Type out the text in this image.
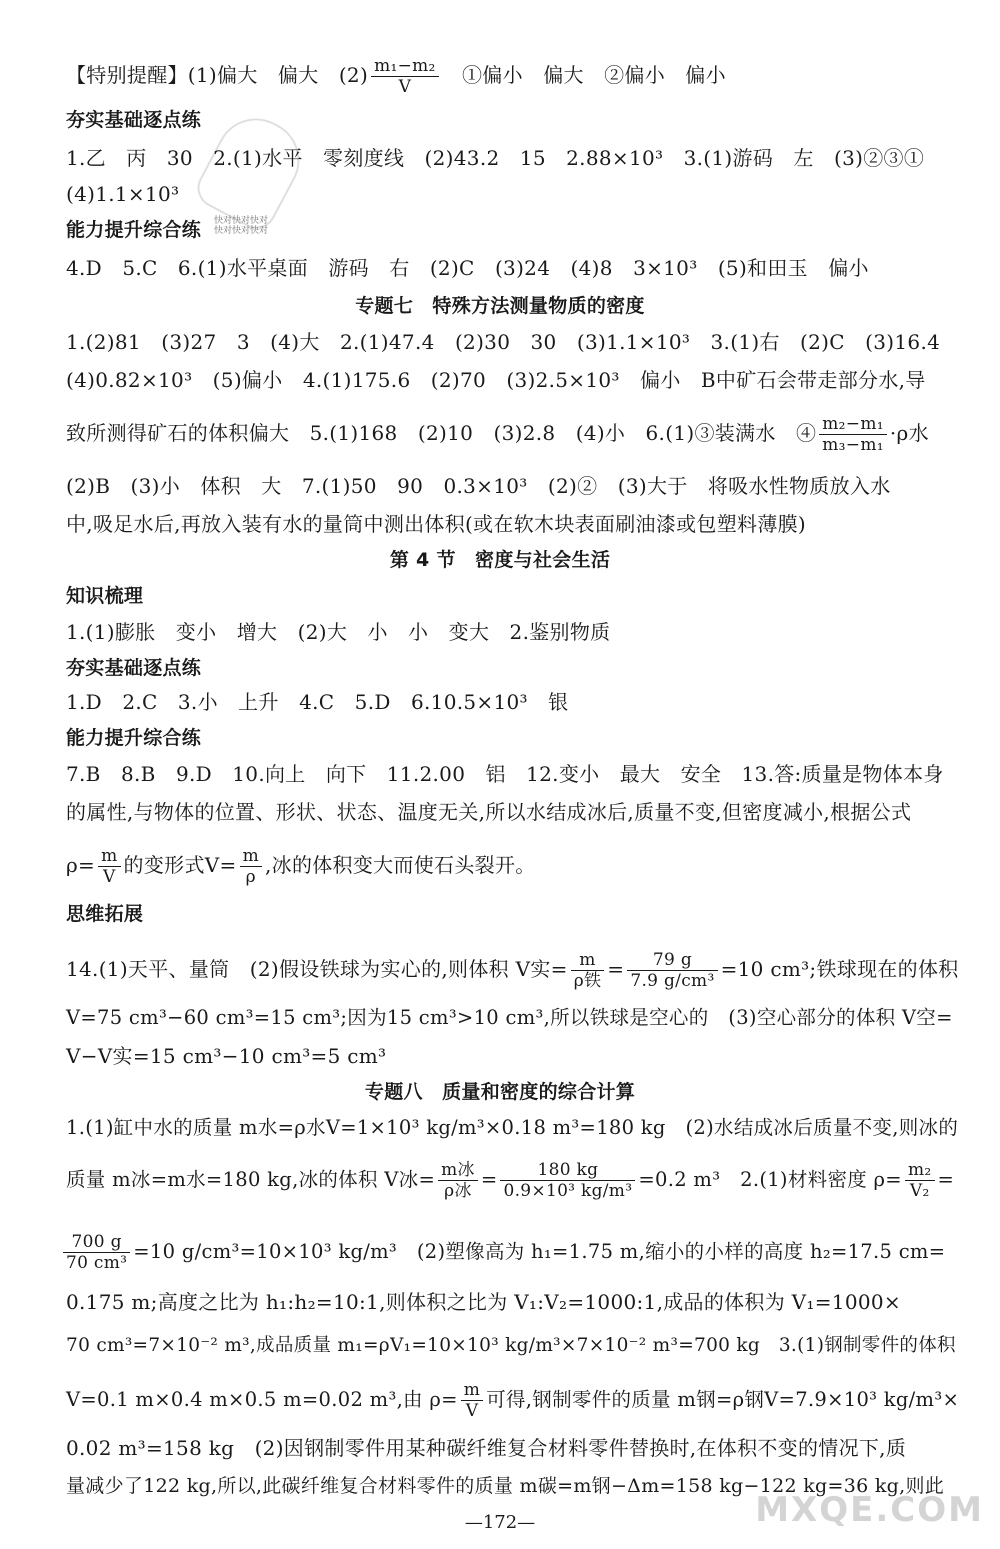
快对快对快对
快对快对快对
【特别提醒】(1)偏大　偏大　$(2) \frac{\text{m₁−m₂}}{V}$
　 ①偏小　偏大　②偏小　偏小
夯实基础逐点练
1.乙　丙　30　2.(1)水平　零刻度线　(2)43.2　15　2.88×10³　3.(1)游码　左　(3)②③①
(4)1.1×10³
能力提升综合练
4.D　5.C　6.(1)水平桌面　游码　右　(2)C　(3)24　(4)8　3×10³　(5)和田玉　偏小
专题七　特殊方法测量物质的密度
1.(2)81　(3)27　3　(4)大　2.(1)47.4　(2)30　30　(3)1.1×10³　3.(1)右　(2)C　(3)16.4
(4)0.82×10³　(5)偏小　4.(1)175.6　(2)70　(3)2.5×10³　偏小　B中矿石会带走部分水,导
致所测得矿石的体积偏大　5.(1)168　(2)10　(3)2.8　(4)小　6.(1)③装满水　④ $\frac{\text{m₂−m₁}}{\text{m₃−m₁}} \cdot\rho$水
(2)B　(3)小　体积　大　7.(1)50　90　0.3×10³　(2)②　(3)大于　将吸水性物质放入水
中,吸足水后,再放入装有水的量筒中测出体积(或在软木块表面刷油漆或包塑料薄膜)
第 4 节　密度与社会生活
知识梳理
1.(1)膨胀　变小　增大　(2)大　小　小　变大　2.鉴别物质
夯实基础逐点练
1.D　2.C　3.小　上升　4.C　5.D　6.10.5×10³　银
能力提升综合练
7.B　8.B　9.D　10.向上　向下　11.2.00　铝　12.变小　最大　安全　13.答:质量是物体本身
的属性,与物体的位置、形状、状态、温度无关,所以水结成冰后,质量不变,但密度减小,根据公式
$\rho= \frac{m}{V}$ 的变形式$V= \frac{m}{\rho}$ ,冰的体积变大而使石头裂开。
思维拓展
14.(1)天平、量筒　(2)假设铁球为实心的,则体积 V实= $\frac{m}{\text{ρ铁}} = \frac{79 g}{\text{7.9 g/cm³}} =10$ cm³;铁球现在的体积
V=75 cm³−60 cm³=15 cm³;因为15 cm³>10 cm³,所以铁球是空心的　(3)空心部分的体积 V空=
V−V实=15 cm³−10 cm³=5 cm³
专题八　质量和密度的综合计算
1.(1)缸中水的质量 m水=ρ水V=1×10³ kg/m³×0.18 m³=180 kg　(2)水结成冰后质量不变,则冰的
质量 m冰=m水=180 kg,冰的体积 V冰= $\frac{\text{m冰}}{\text{ρ冰}} = \frac{180 kg}{\text{0.9×10³ kg/m³}} =0.2$ m³　2.(1)材料密度 $\rho= \frac{\text{m₂}}{\text{V₂}}$ =
$\frac{700 g}{\text{70 cm³}} =10$ g/cm³=10×10³ kg/m³　(2)塑像高为 h₁=1.75 m,缩小的小样的高度 h₂=17.5 cm=
0.175 m;高度之比为 h₁:h₂=10:1,则体积之比为 V₁:V₂=1000:1,成品的体积为 V₁=1000×
70 cm³=7×10⁻² m³,成品质量 m₁=ρV₁=10×10³ kg/m³×7×10⁻² m³=700 kg　3.(1)钢制零件的体积
V=0.1 m×0.4 m×0.5 m=0.02 m³,由 $\rho= \frac{m}{V}$ 可得,钢制零件的质量 m钢=ρ钢V=7.9×10³ kg/m³×
0.02 m³=158 kg　(2)因钢制零件用某种碳纤维复合材料零件替换时,在体积不变的情况下,质
量减少了122 kg,所以,此碳纤维复合材料零件的质量 m碳=m钢−Δm=158 kg−122 kg=36 kg,则此
—172—	MXQE.COM
